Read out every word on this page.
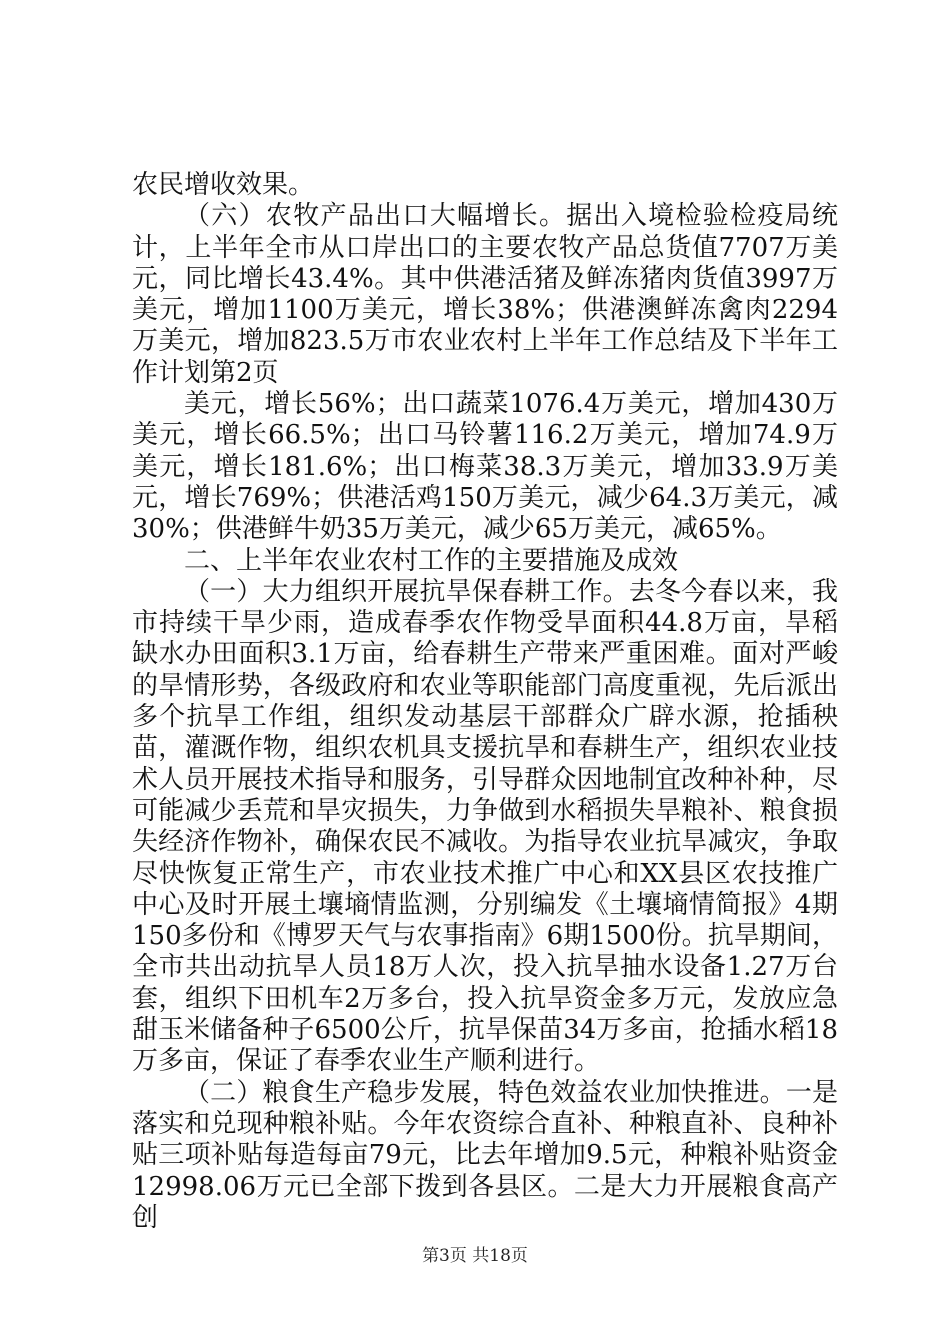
农民增收效果。

（六）农牧产品出口大幅增长。据出入境检验检疫局统计，上半年全市从口岸出口的主要农牧产品总货值7707万美元，同比增长43.4%。其中供港活猪及鲜冻猪肉货值3997万美元，增加1100万美元，增长38%；供港澳鲜冻禽肉2294万美元，增加823.5万市农业农村上半年工作总结及下半年工作计划第2页

美元，增长56%；出口蔬菜1076.4万美元，增加430万美元，增长66.5%；出口马铃薯116.2万美元，增加74.9万美元，增长181.6%；出口梅菜38.3万美元，增加33.9万美元，增长769%；供港活鸡150万美元，减少64.3万美元，减30%；供港鲜牛奶35万美元，减少65万美元，减65%。

二、上半年农业农村工作的主要措施及成效

（一）大力组织开展抗旱保春耕工作。去冬今春以来，我市持续干旱少雨，造成春季农作物受旱面积44.8万亩，旱稻缺水办田面积3.1万亩，给春耕生产带来严重困难。面对严峻的旱情形势，各级政府和农业等职能部门高度重视，先后派出多个抗旱工作组，组织发动基层干部群众广辟水源，抢插秧苗，灌溉作物，组织农机具支援抗旱和春耕生产，组织农业技术人员开展技术指导和服务，引导群众因地制宜改种补种，尽可能减少丢荒和旱灾损失，力争做到水稻损失旱粮补、粮食损失经济作物补，确保农民不减收。为指导农业抗旱减灾，争取尽快恢复正常生产，市农业技术推广中心和XX县区农技推广中心及时开展土壤墒情监测，分别编发《土壤墒情简报》4期150多份和《博罗天气与农事指南》6期1500份。抗旱期间，全市共出动抗旱人员18万人次，投入抗旱抽水设备1.27万台套，组织下田机车2万多台，投入抗旱资金多万元，发放应急甜玉米储备种子6500公斤，抗旱保苗34万多亩，抢插水稻18万多亩，保证了春季农业生产顺利进行。

（二）粮食生产稳步发展，特色效益农业加快推进。一是落实和兑现种粮补贴。今年农资综合直补、种粮直补、良种补贴三项补贴每造每亩79元，比去年增加9.5元，种粮补贴资金12998.06万元已全部下拨到各县区。二是大力开展粮食高产创

第3页 共18页
